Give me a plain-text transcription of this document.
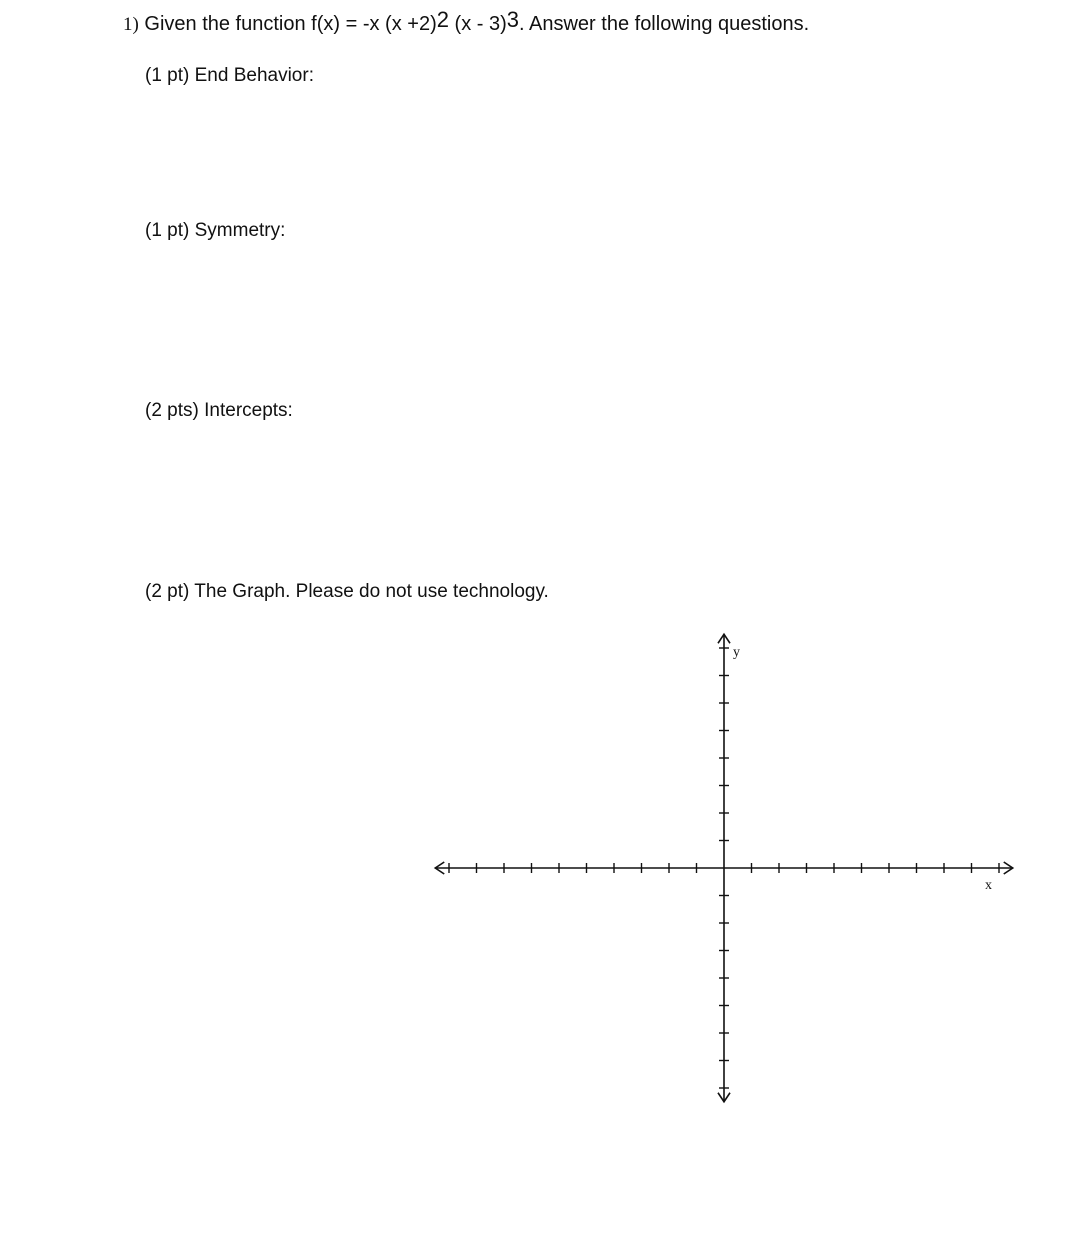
1) Given the function f(x) = -x $(x +2)^2$ (x - 3)$^3$. Answer the following questions.
(1 pt) End Behavior:
(1 pt) Symmetry:
(2 pts) Intercepts:
(2 pt) The Graph. Please do not use technology.
y
x
